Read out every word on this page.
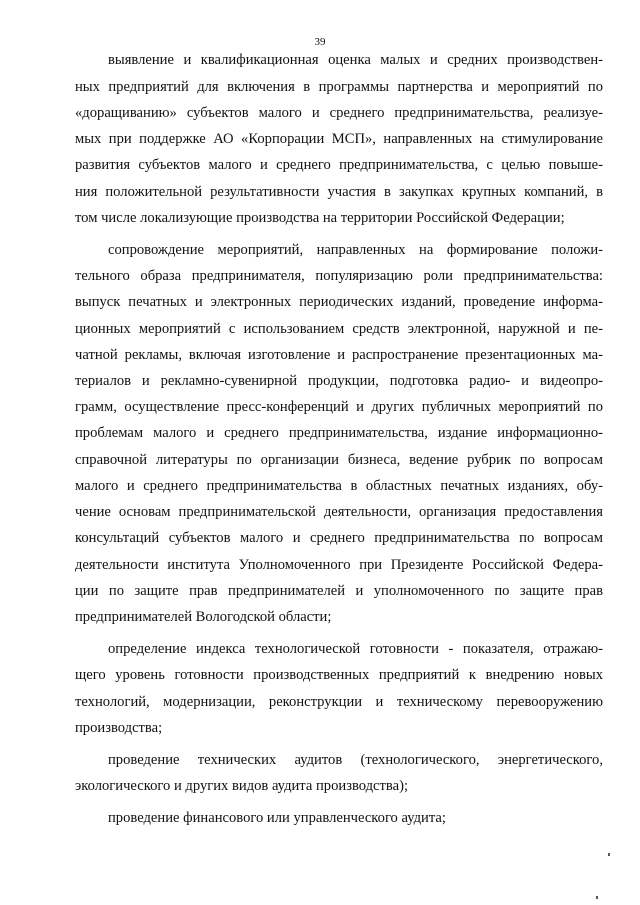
39
выявление и квалификационная оценка малых и средних производствен-
ных предприятий для включения в программы партнерства и мероприятий по
«доращиванию» субъектов малого и среднего предпринимательства, реализуе-
мых при поддержке АО «Корпорации МСП», направленных на стимулирование
развития субъектов малого и среднего предпринимательства, с целью повыше-
ния положительной результативности участия в закупках крупных компаний, в
том числе локализующие производства на территории Российской Федерации;
сопровождение мероприятий, направленных на формирование положи-
тельного образа предпринимателя, популяризацию роли предпринимательства:
выпуск печатных и электронных периодических изданий, проведение информа-
ционных мероприятий с использованием средств электронной, наружной и пе-
чатной рекламы, включая изготовление и распространение презентационных ма-
териалов и рекламно-сувенирной продукции, подготовка радио- и видеопро-
грамм, осуществление пресс-конференций и других публичных мероприятий по
проблемам малого и среднего предпринимательства, издание информационно-
справочной литературы по организации бизнеса, ведение рубрик по вопросам
малого и среднего предпринимательства в областных печатных изданиях, обу-
чение основам предпринимательской деятельности, организация предоставления
консультаций субъектов малого и среднего предпринимательства по вопросам
деятельности института Уполномоченного при Президенте Российской Федера-
ции по защите прав предпринимателей и уполномоченного по защите прав
предпринимателей Вологодской области;
определение индекса технологической готовности - показателя, отражаю-
щего уровень готовности производственных предприятий к внедрению новых
технологий, модернизации, реконструкции и техническому перевооружению
производства;
проведение технических аудитов (технологического, энергетического,
экологического и других видов аудита производства);
проведение финансового или управленческого аудита;
